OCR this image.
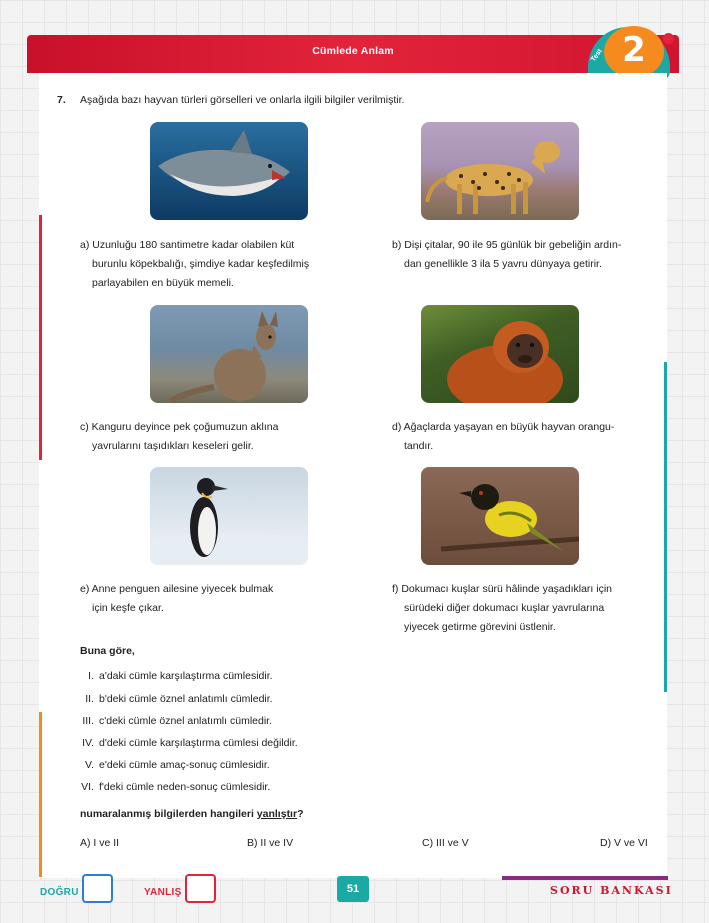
Cümlede Anlam	2
Test
7. Aşağıda bazı hayvan türleri görselleri ve onlarla ilgili bilgiler verilmiştir.
a) Uzunluğu 180 santimetre kadar olabilen küt
burunlu köpekbalığı, şimdiye kadar keşfedilmiş
parlayabilen en büyük memeli.
b) Dişi çitalar, 90 ile 95 günlük bir gebeliğin ardın-
dan genellikle 3 ila 5 yavru dünyaya getirir.
c) Kanguru deyince pek çoğumuzun aklına
yavrularını taşıdıkları keseleri gelir.
d) Ağaçlarda yaşayan en büyük hayvan orangu-
tandır.
e) Anne penguen ailesine yiyecek bulmak
için keşfe çıkar.
f) Dokumacı kuşlar sürü hâlinde yaşadıkları için
sürüdeki diğer dokumacı kuşlar yavrularına
yiyecek getirme görevini üstlenir.
Buna göre,
I. a'daki cümle karşılaştırma cümlesidir.
II. b'deki cümle öznel anlatımlı cümledir.
III. c'deki cümle öznel anlatımlı cümledir.
IV. d'deki cümle karşılaştırma cümlesi değildir.
V. e'deki cümle amaç-sonuç cümlesidir.
VI. f'deki cümle neden-sonuç cümlesidir.
numaralanmış bilgilerden hangileri yanlıştır?
A) I ve II	B) II ve IV	C) III ve V	D) V ve VI
DOĞRU	YANLIŞ	51	SORU BANKASI
